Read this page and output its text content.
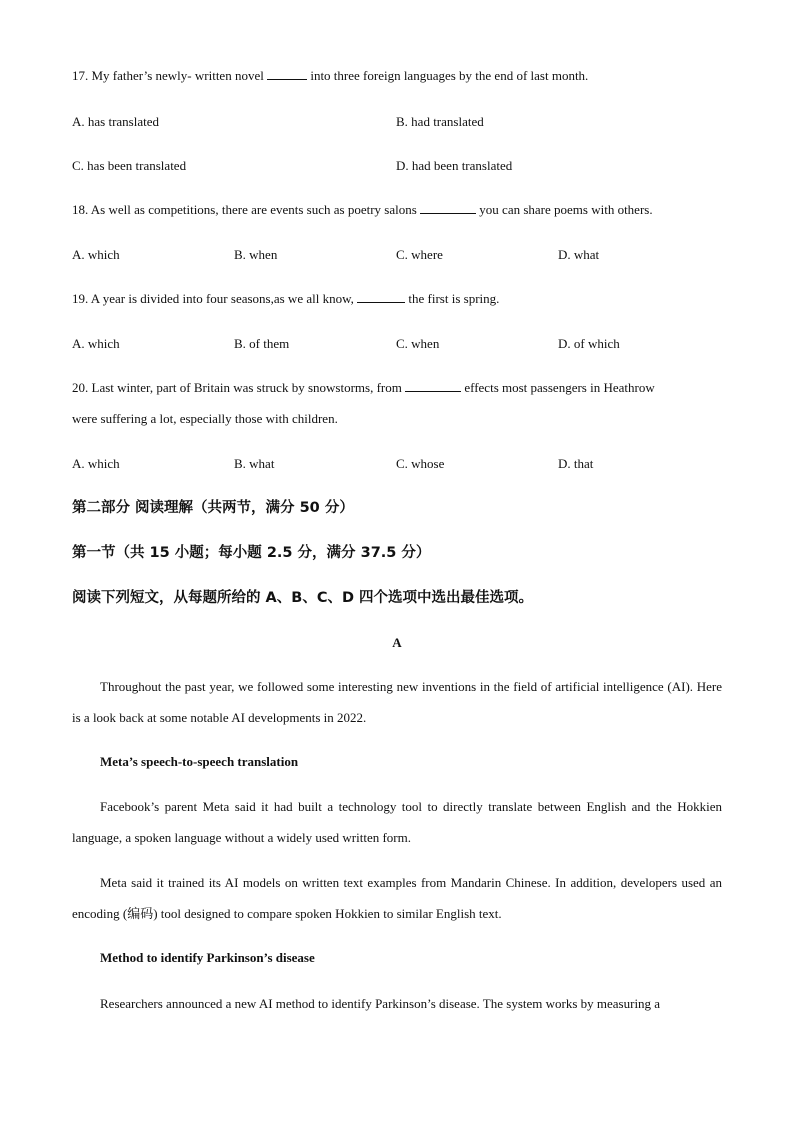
17. My father’s newly- written novel	into three foreign languages by the end of last month.
A. has translated	B. had translated
C. has been translated	D. had been translated
18. As well as competitions, there are events such as poetry salons	you can share poems with others.
A. which	B. when	C. where	D. what
19. A year is divided into four seasons,as we all know,	the first is spring.
A. which	B. of them	C. when	D. of which
20. Last winter, part of Britain was struck by snowstorms, from	effects most passengers in Heathrow
were suffering a lot, especially those with children.
A. which	B. what	C. whose	D. that
第二部分 阅读理解（共两节，满分 50 分）
第一节（共 15 小题；每小题 2.5 分，满分 37.5 分）
阅读下列短文，从每题所给的 A、B、C、D 四个选项中选出最佳选项。
A
Throughout the past year, we followed some interesting new inventions in the field of artificial intelligence (AI). Here is a look back at some notable AI developments in 2022.
Meta’s speech-to-speech translation
Facebook’s parent Meta said it had built a technology tool to directly translate between English and the Hokkien language, a spoken language without a widely used written form.
Meta said it trained its AI models on written text examples from Mandarin Chinese. In addition, developers used an encoding (编码) tool designed to compare spoken Hokkien to similar English text.
Method to identify Parkinson’s disease
Researchers announced a new AI method to identify Parkinson’s disease. The system works by measuring a
